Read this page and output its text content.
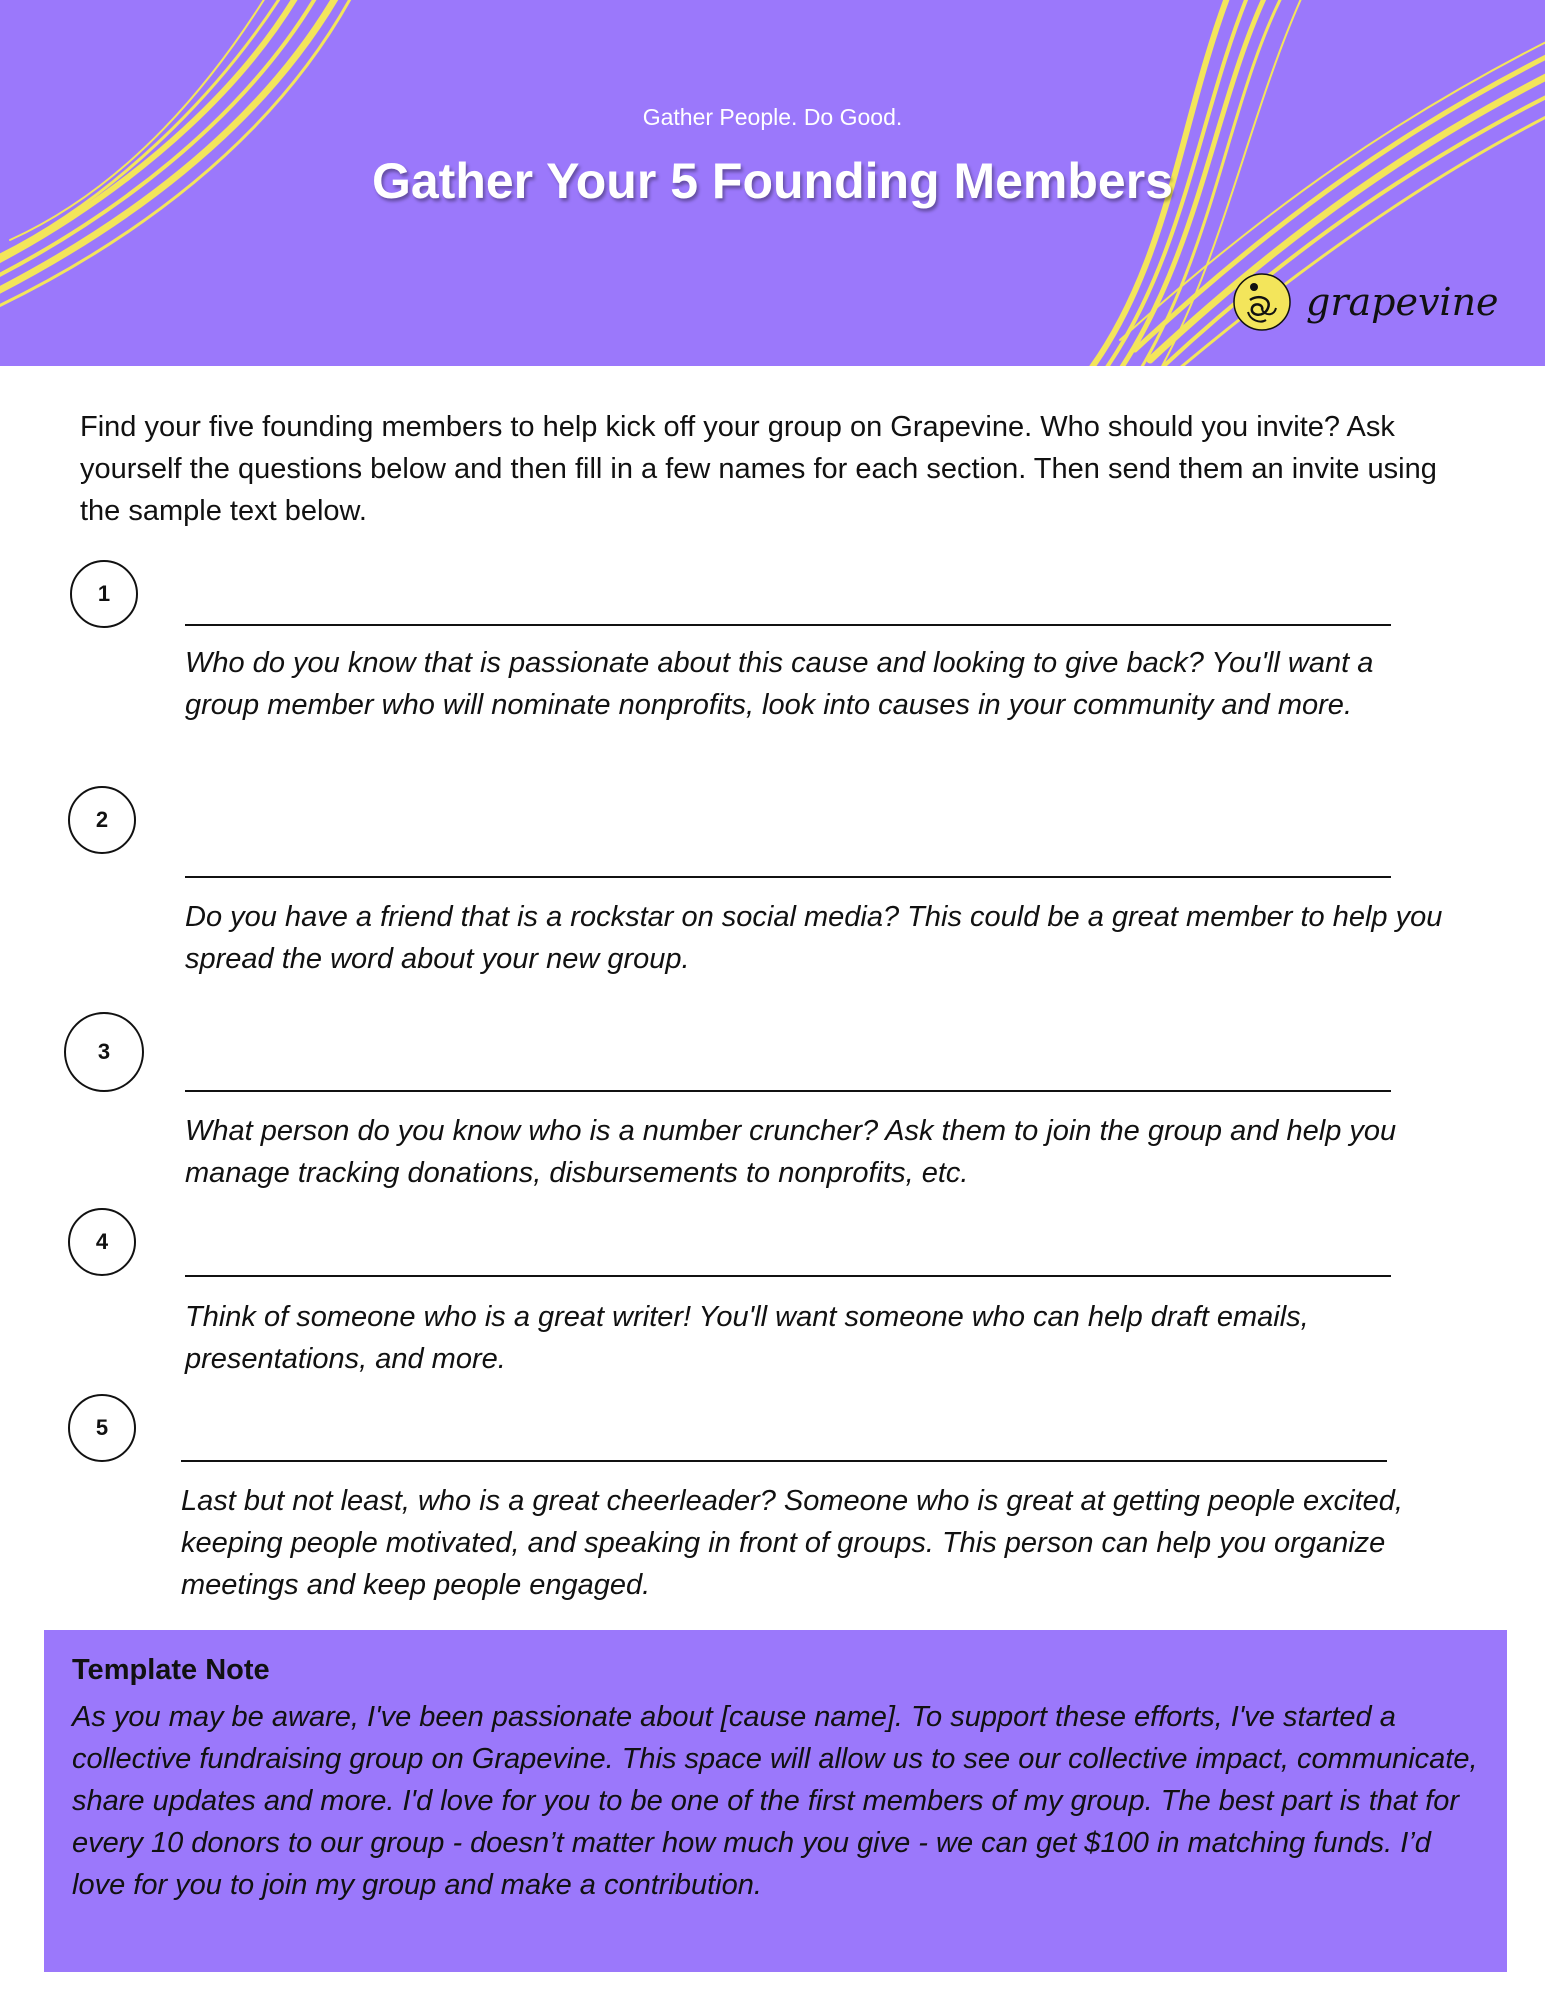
Gather People. Do Good.
Gather Your 5 Founding Members
grapevine

Find your five founding members to help kick off your group on Grapevine. Who should you invite? Ask yourself the questions below and then fill in a few names for each section. Then send them an invite using the sample text below.

1

Who do you know that is passionate about this cause and looking to give back? You'll want a group member who will nominate nonprofits, look into causes in your community and more.

2

Do you have a friend that is a rockstar on social media? This could be a great member to help you spread the word about your new group.

3

What person do you know who is a number cruncher? Ask them to join the group and help you manage tracking donations, disbursements to nonprofits, etc.

4

Think of someone who is a great writer! You'll want someone who can help draft emails, presentations, and more.

5

Last but not least, who is a great cheerleader? Someone who is great at getting people excited, keeping people motivated, and speaking in front of groups. This person can help you organize meetings and keep people engaged.

Template Note

As you may be aware, I've been passionate about [cause name]. To support these efforts, I've started a collective fundraising group on Grapevine. This space will allow us to see our collective impact, communicate, share updates and more. I'd love for you to be one of the first members of my group. The best part is that for every 10 donors to our group - doesn’t matter how much you give - we can get $100 in matching funds. I’d love for you to join my group and make a contribution.
